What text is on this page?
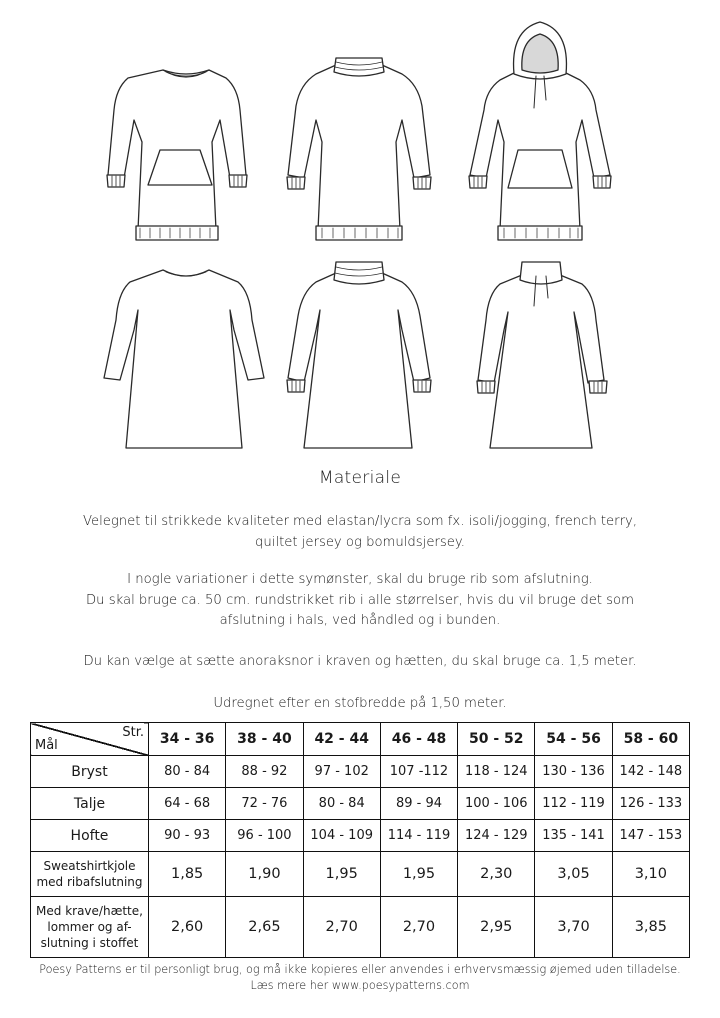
Materiale
Velegnet til strikkede kvaliteter med elastan/lycra som fx. isoli/jogging, french terry,
quiltet jersey og bomuldsjersey.
I nogle variationer i dette symønster, skal du bruge rib som afslutning.
Du skal bruge ca. 50 cm. rundstrikket rib i alle størrelser, hvis du vil bruge det som
afslutning i hals, ved håndled og i bunden.
Du kan vælge at sætte anoraksnor i kraven og hætten, du skal bruge ca. 1,5 meter.
Udregnet efter en stofbredde på 1,50 meter.
Str.
Mål	34 - 36	38 - 40	42 - 44	46 - 48	50 - 52	54 - 56	58 - 60
Bryst	80 - 84	88 - 92	97 - 102	107 -112	118 - 124	130 - 136	142 - 148
Talje	64 - 68	72 - 76	80 - 84	89 - 94	100 - 106	112 - 119	126 - 133
Hofte	90 - 93	96 - 100	104 - 109	114 - 119	124 - 129	135 - 141	147 - 153

Sweatshirtkjole
med ribafslutning	1,85	1,90	1,95	1,95	2,30	3,05	3,10

Med krave/hætte,
lommer og af-
slutning i stoffet	2,60	2,65	2,70	2,70	2,95	3,70	3,85
Poesy Patterns er til personligt brug, og må ikke kopieres eller anvendes i erhvervsmæssig øjemed uden tilladelse.
Læs mere her www.poesypatterns.com
